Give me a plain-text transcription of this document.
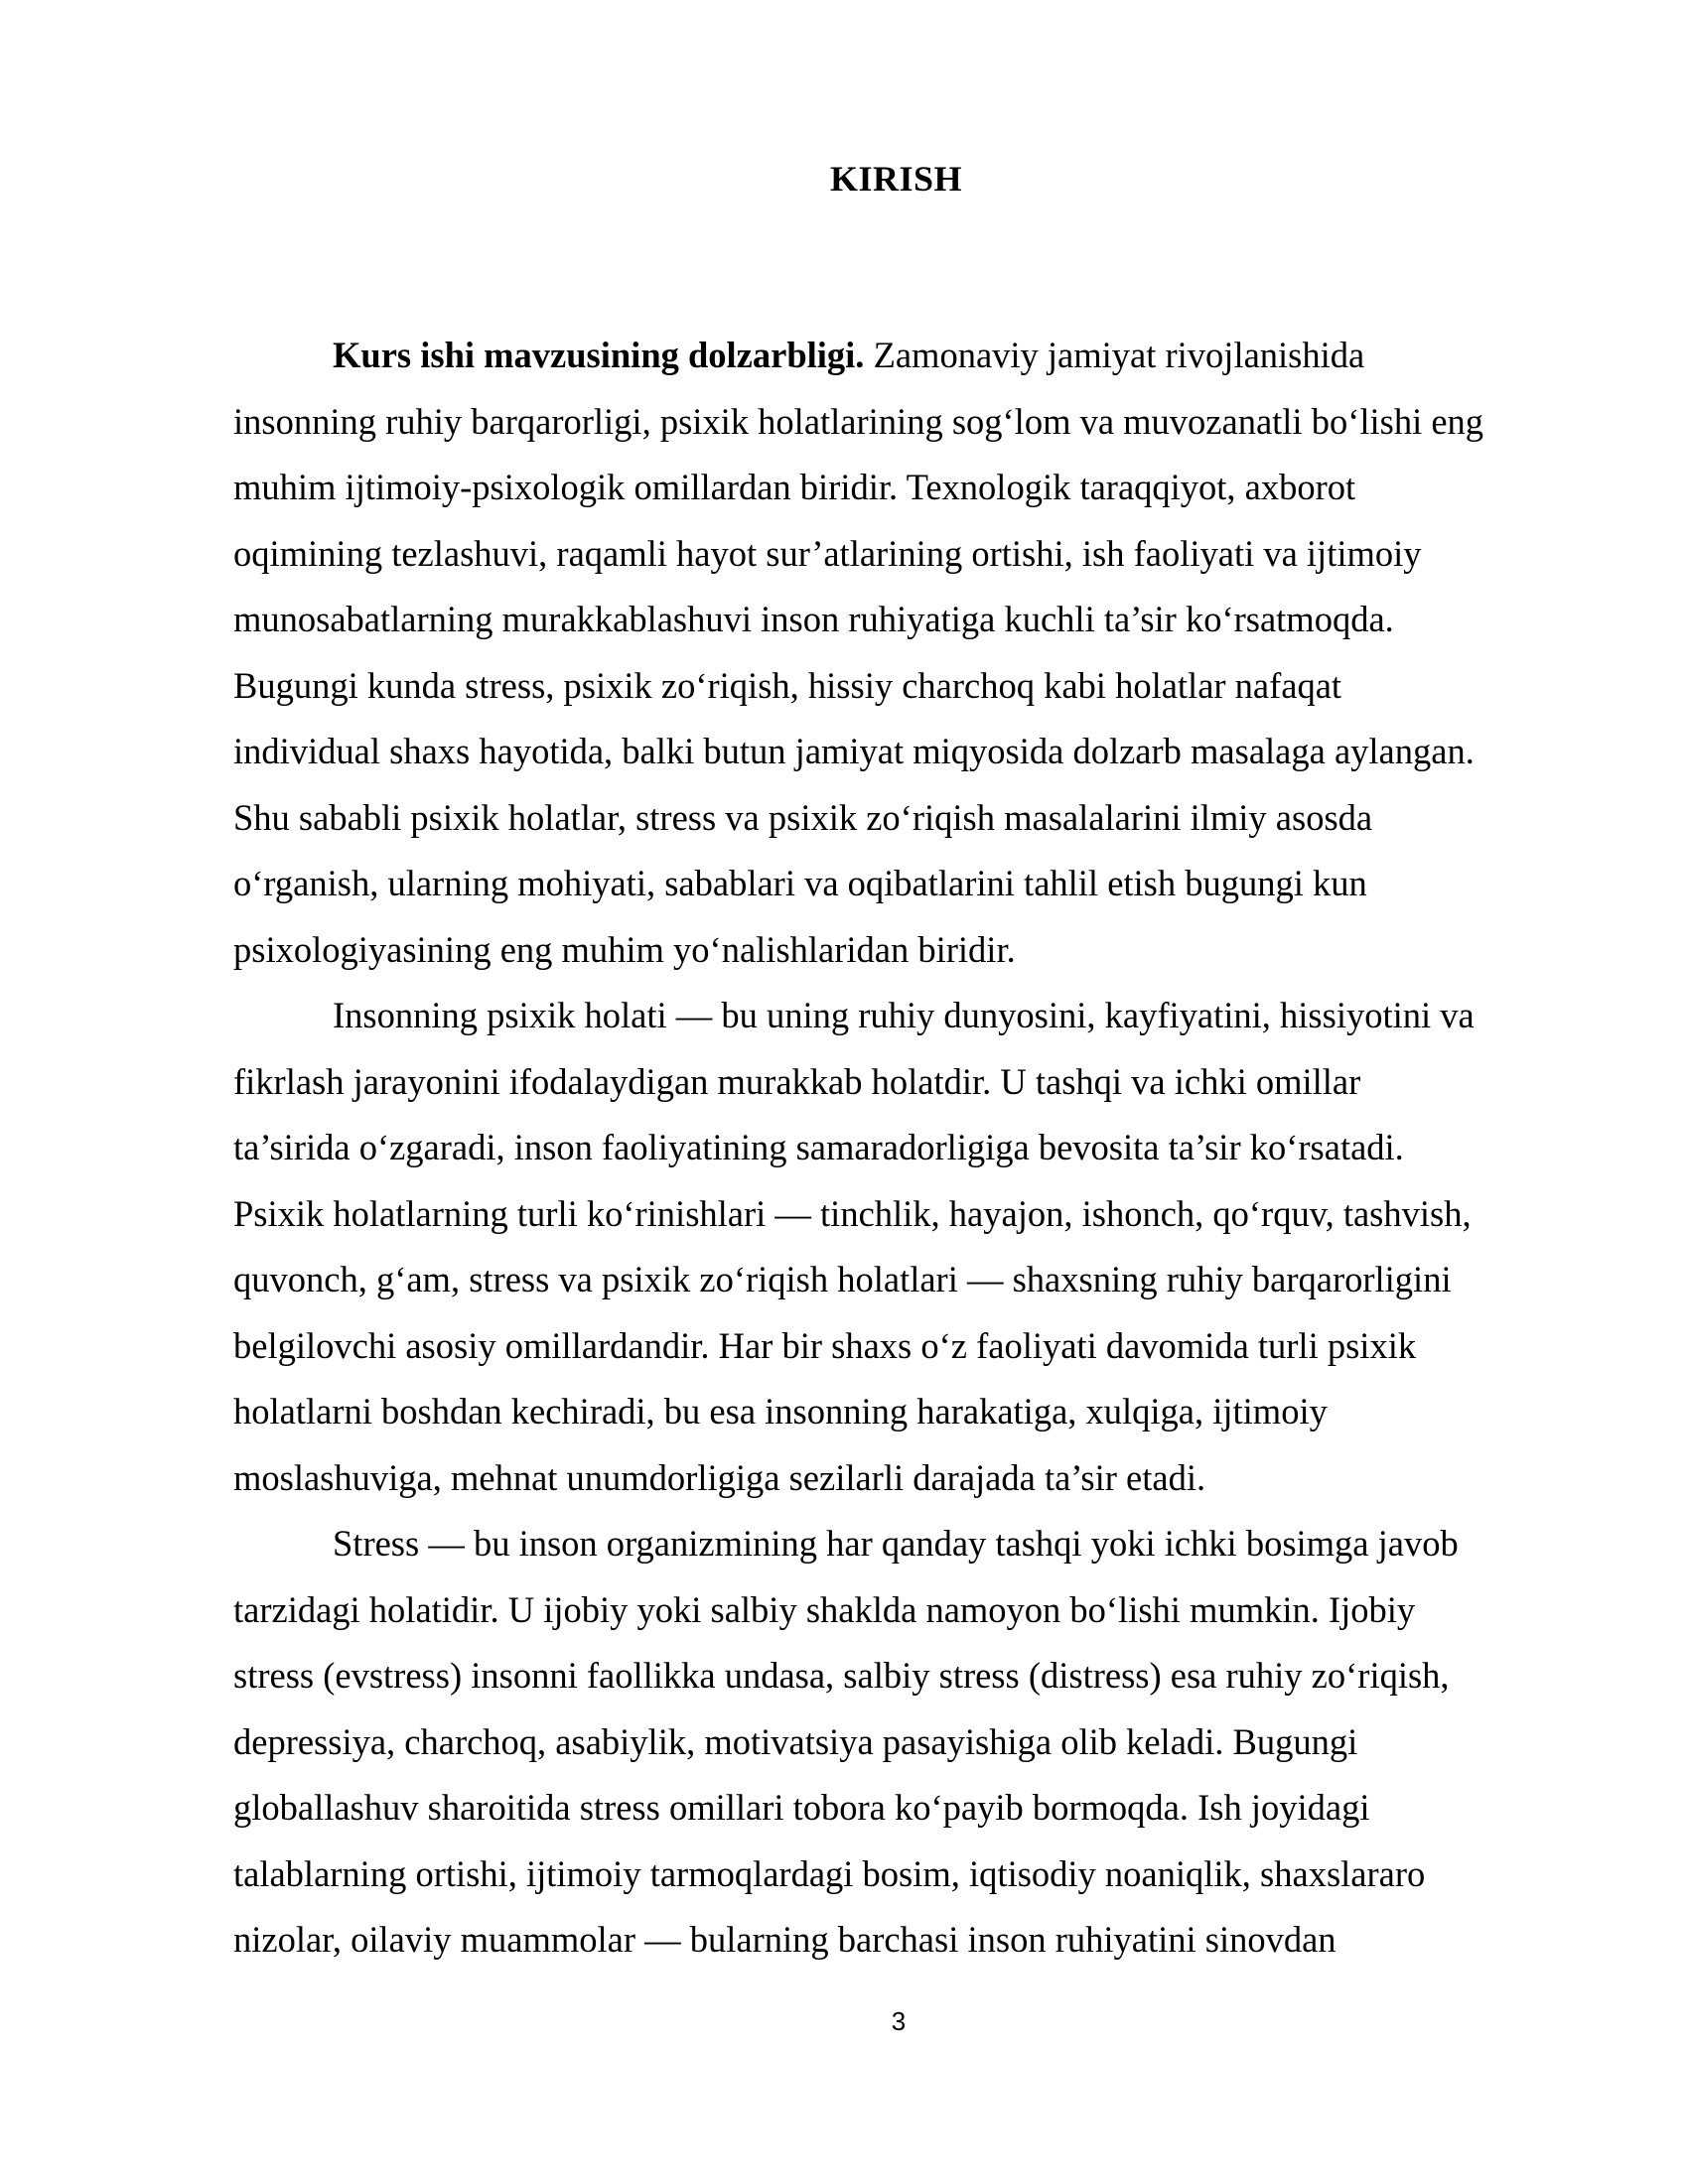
KIRISH
Kurs ishi mavzusining dolzarbligi. Zamonaviy jamiyat rivojlanishida
insonning ruhiy barqarorligi, psixik holatlarining sog‘lom va muvozanatli bo‘lishi eng
muhim ijtimoiy-psixologik omillardan biridir. Texnologik taraqqiyot, axborot
oqimining tezlashuvi, raqamli hayot sur’atlarining ortishi, ish faoliyati va ijtimoiy
munosabatlarning murakkablashuvi inson ruhiyatiga kuchli ta’sir ko‘rsatmoqda.
Bugungi kunda stress, psixik zo‘riqish, hissiy charchoq kabi holatlar nafaqat
individual shaxs hayotida, balki butun jamiyat miqyosida dolzarb masalaga aylangan.
Shu sababli psixik holatlar, stress va psixik zo‘riqish masalalarini ilmiy asosda
o‘rganish, ularning mohiyati, sabablari va oqibatlarini tahlil etish bugungi kun
psixologiyasining eng muhim yo‘nalishlaridan biridir.
Insonning psixik holati — bu uning ruhiy dunyosini, kayfiyatini, hissiyotini va
fikrlash jarayonini ifodalaydigan murakkab holatdir. U tashqi va ichki omillar
ta’sirida o‘zgaradi, inson faoliyatining samaradorligiga bevosita ta’sir ko‘rsatadi.
Psixik holatlarning turli ko‘rinishlari — tinchlik, hayajon, ishonch, qo‘rquv, tashvish,
quvonch, g‘am, stress va psixik zo‘riqish holatlari — shaxsning ruhiy barqarorligini
belgilovchi asosiy omillardandir. Har bir shaxs o‘z faoliyati davomida turli psixik
holatlarni boshdan kechiradi, bu esa insonning harakatiga, xulqiga, ijtimoiy
moslashuviga, mehnat unumdorligiga sezilarli darajada ta’sir etadi.
Stress — bu inson organizmining har qanday tashqi yoki ichki bosimga javob
tarzidagi holatidir. U ijobiy yoki salbiy shakldа namoyon bo‘lishi mumkin. Ijobiy
stress (evstress) insonni faollikka undasa, salbiy stress (distress) esa ruhiy zo‘riqish,
depressiya, charchoq, asabiylik, motivatsiya pasayishiga olib keladi. Bugungi
globallashuv sharoitida stress omillari tobora ko‘payib bormoqda. Ish joyidagi
talablarning ortishi, ijtimoiy tarmoqlardagi bosim, iqtisodiy noaniqlik, shaxslararo
nizolar, oilaviy muammolar — bularning barchasi inson ruhiyatini sinovdan
3
